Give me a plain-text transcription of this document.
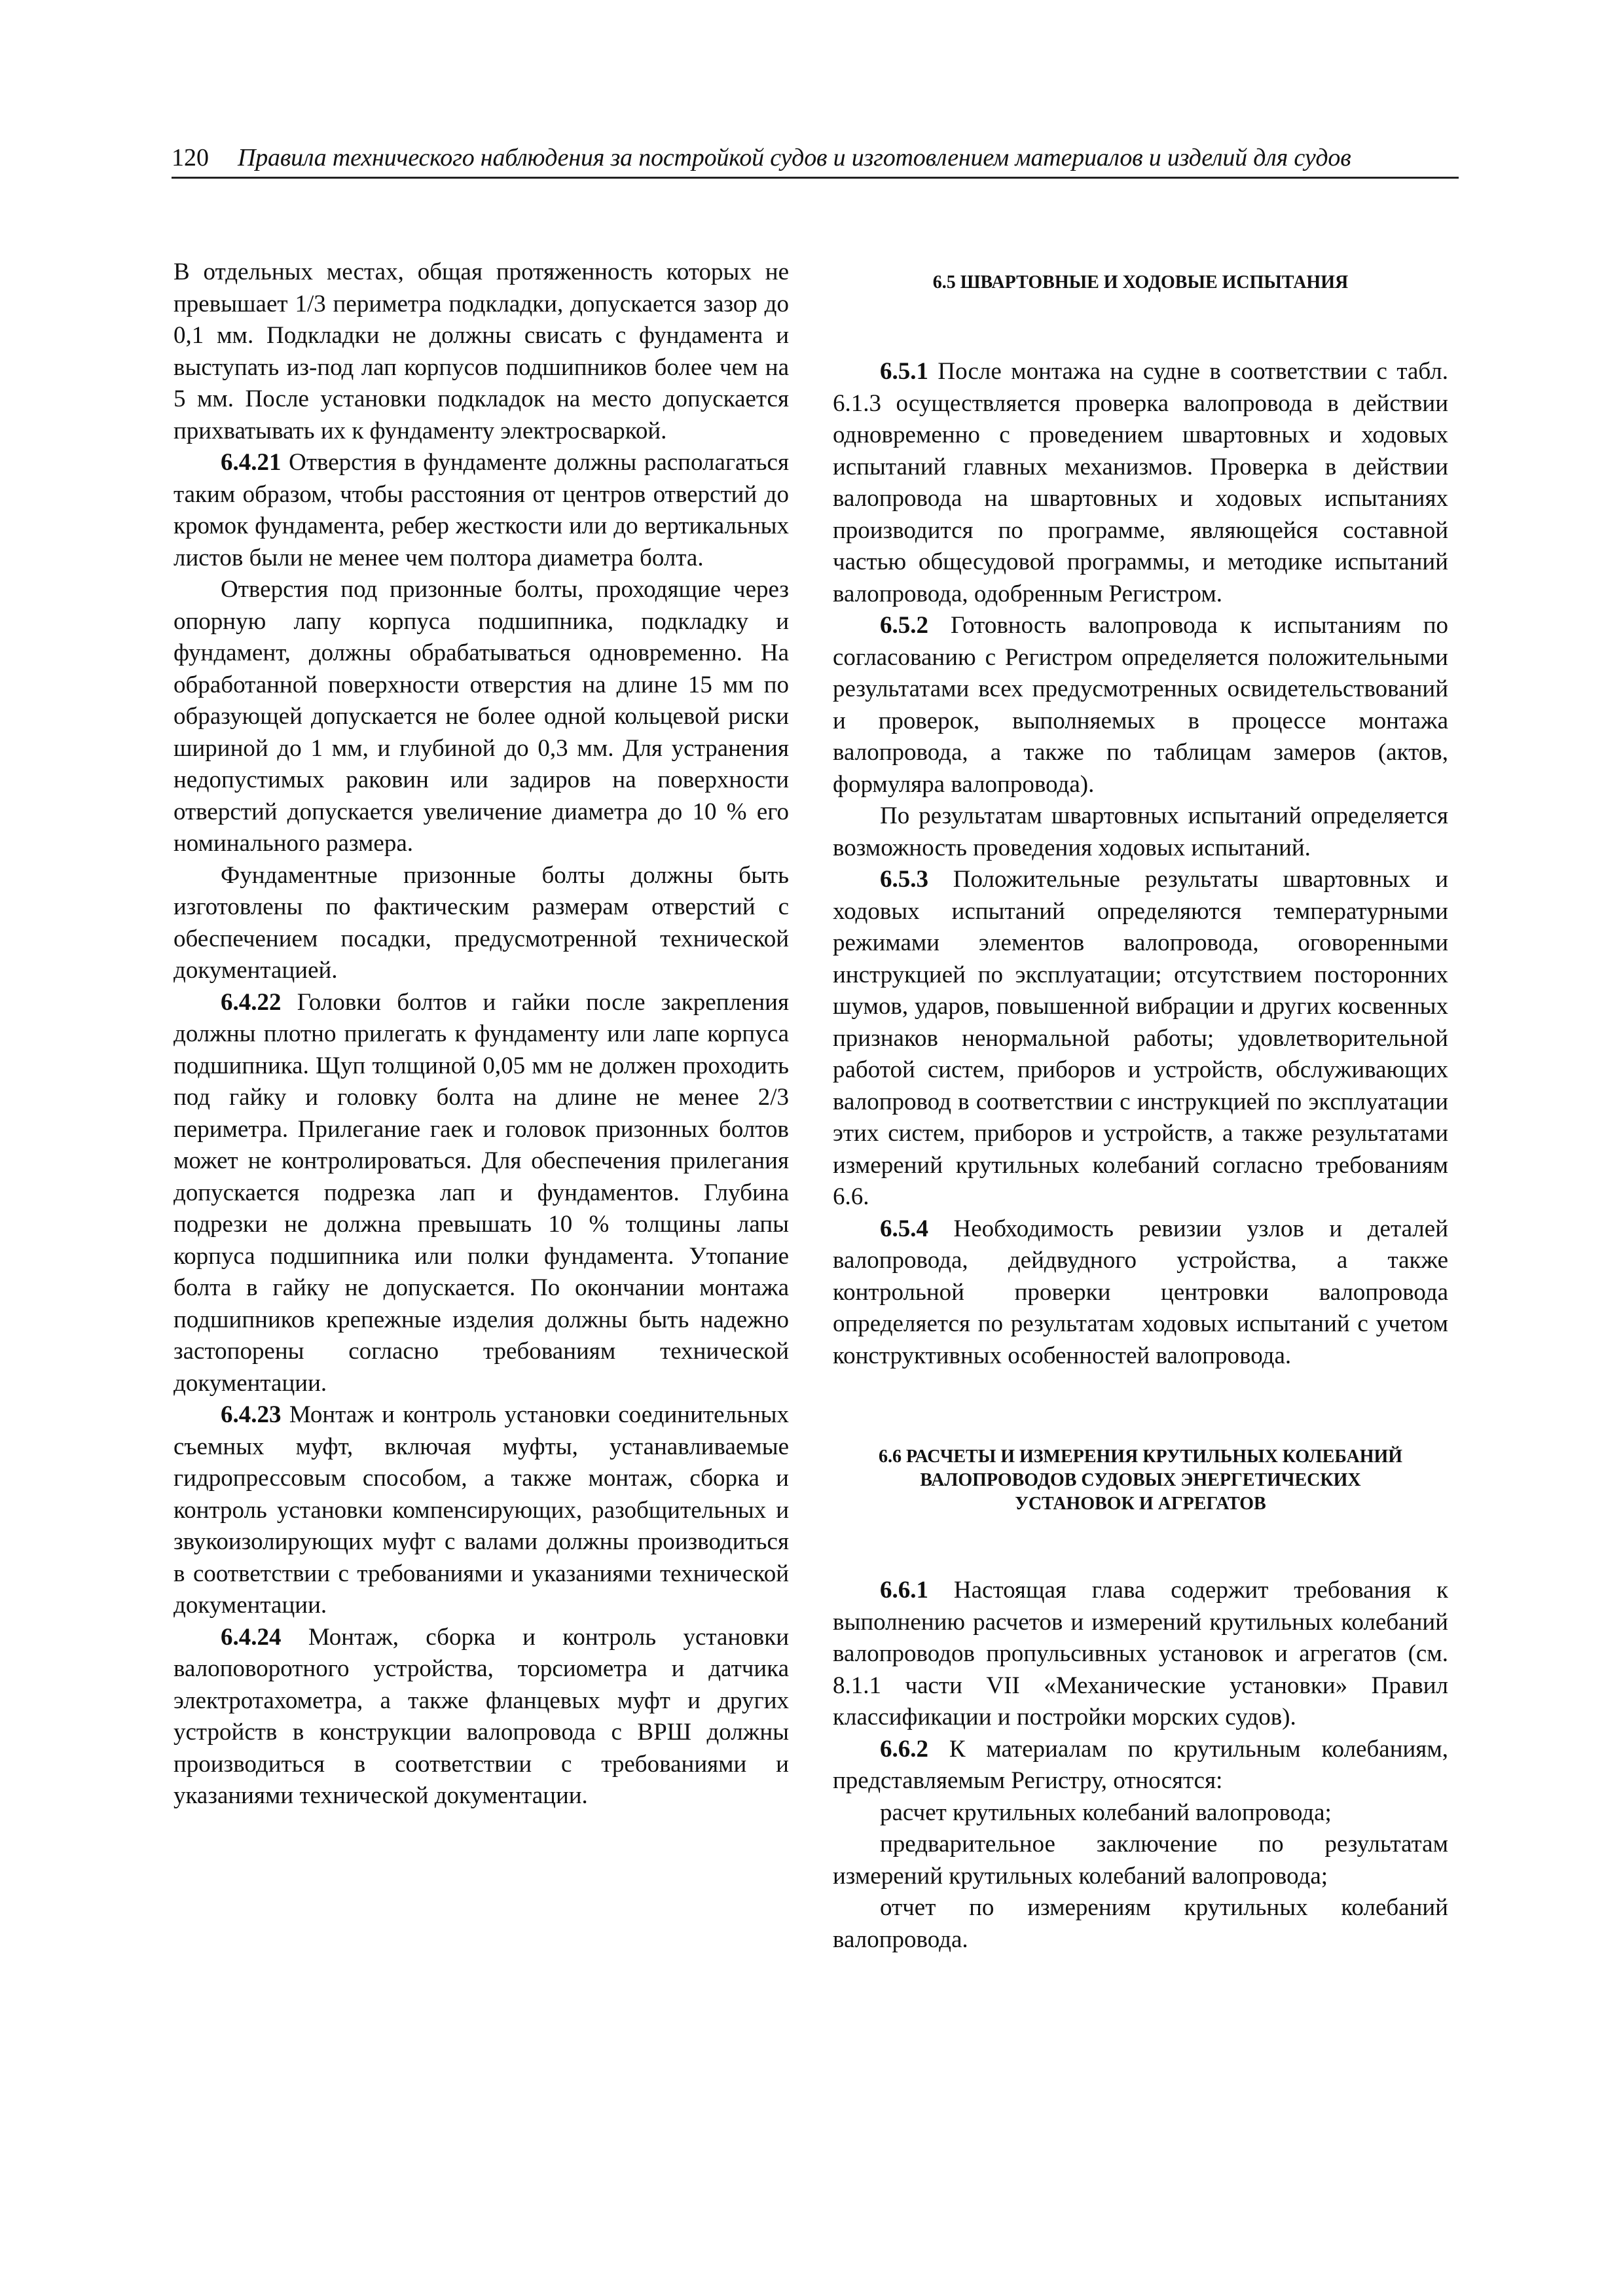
120 Правила технического наблюдения за постройкой судов и изготовлением материалов и изделий для судов

В отдельных местах, общая протяженность которых не превышает 1/3 периметра подкладки, допускается зазор до 0,1 мм. Подкладки не должны свисать с фундамента и выступать из-под лап корпусов подшипников более чем на 5 мм. После установки подкладок на место допускается прихватывать их к фундаменту электросваркой.

6.4.21 Отверстия в фундаменте должны располагаться таким образом, чтобы расстояния от центров отверстий до кромок фундамента, ребер жесткости или до вертикальных листов были не менее чем полтора диаметра болта.

Отверстия под призонные болты, проходящие через опорную лапу корпуса подшипника, подкладку и фундамент, должны обрабатываться одновременно. На обработанной поверхности отверстия на длине 15 мм по образующей допускается не более одной кольцевой риски шириной до 1 мм, и глубиной до 0,3 мм. Для устранения недопустимых раковин или задиров на поверхности отверстий допускается увеличение диаметра до 10 % его номинального размера.

Фундаментные призонные болты должны быть изготовлены по фактическим размерам отверстий с обеспечением посадки, предусмотренной технической документацией.

6.4.22 Головки болтов и гайки после закрепления должны плотно прилегать к фундаменту или лапе корпуса подшипника. Щуп толщиной 0,05 мм не должен проходить под гайку и головку болта на длине не менее 2/3 периметра. Прилегание гаек и головок призонных болтов может не контролироваться. Для обеспечения прилегания допускается подрезка лап и фундаментов. Глубина подрезки не должна превышать 10 % толщины лапы корпуса подшипника или полки фундамента. Утопание болта в гайку не допускается. По окончании монтажа подшипников крепежные изделия должны быть надежно застопорены согласно требованиям технической документации.

6.4.23 Монтаж и контроль установки соединительных съемных муфт, включая муфты, устанавливаемые гидропрессовым способом, а также монтаж, сборка и контроль установки компенсирующих, разобщительных и звукоизолирующих муфт с валами должны производиться в соответствии с требованиями и указаниями технической документации.

6.4.24 Монтаж, сборка и контроль установки валоповоротного устройства, торсиометра и датчика электротахометра, а также фланцевых муфт и других устройств в конструкции валопровода с ВРШ должны производиться в соответствии с требованиями и указаниями технической документации.

6.5 ШВАРТОВНЫЕ И ХОДОВЫЕ ИСПЫТАНИЯ

6.5.1 После монтажа на судне в соответствии с табл. 6.1.3 осуществляется проверка валопровода в действии одновременно с проведением швартовных и ходовых испытаний главных механизмов. Проверка в действии валопровода на швартовных и ходовых испытаниях производится по программе, являющейся составной частью общесудовой программы, и методике испытаний валопровода, одобренным Регистром.

6.5.2 Готовность валопровода к испытаниям по согласованию с Регистром определяется положительными результатами всех предусмотренных освидетельствований и проверок, выполняемых в процессе монтажа валопровода, а также по таблицам замеров (актов, формуляра валопровода).

По результатам швартовных испытаний определяется возможность проведения ходовых испытаний.

6.5.3 Положительные результаты швартовных и ходовых испытаний определяются температурными режимами элементов валопровода, оговоренными инструкцией по эксплуатации; отсутствием посторонних шумов, ударов, повышенной вибрации и других косвенных признаков ненормальной работы; удовлетворительной работой систем, приборов и устройств, обслуживающих валопровод в соответствии с инструкцией по эксплуатации этих систем, приборов и устройств, а также результатами измерений крутильных колебаний согласно требованиям 6.6.

6.5.4 Необходимость ревизии узлов и деталей валопровода, дейдвудного устройства, а также контрольной проверки центровки валопровода определяется по результатам ходовых испытаний с учетом конструктивных особенностей валопровода.

6.6 РАСЧЕТЫ И ИЗМЕРЕНИЯ КРУТИЛЬНЫХ КОЛЕБАНИЙ
ВАЛОПРОВОДОВ СУДОВЫХ ЭНЕРГЕТИЧЕСКИХ
УСТАНОВОК И АГРЕГАТОВ

6.6.1 Настоящая глава содержит требования к выполнению расчетов и измерений крутильных колебаний валопроводов пропульсивных установок и агрегатов (см. 8.1.1 части VII «Механические установки» Правил классификации и постройки морских судов).

6.6.2 К материалам по крутильным колебаниям, представляемым Регистру, относятся:

расчет крутильных колебаний валопровода;

предварительное заключение по результатам измерений крутильных колебаний валопровода;

отчет по измерениям крутильных колебаний валопровода.
